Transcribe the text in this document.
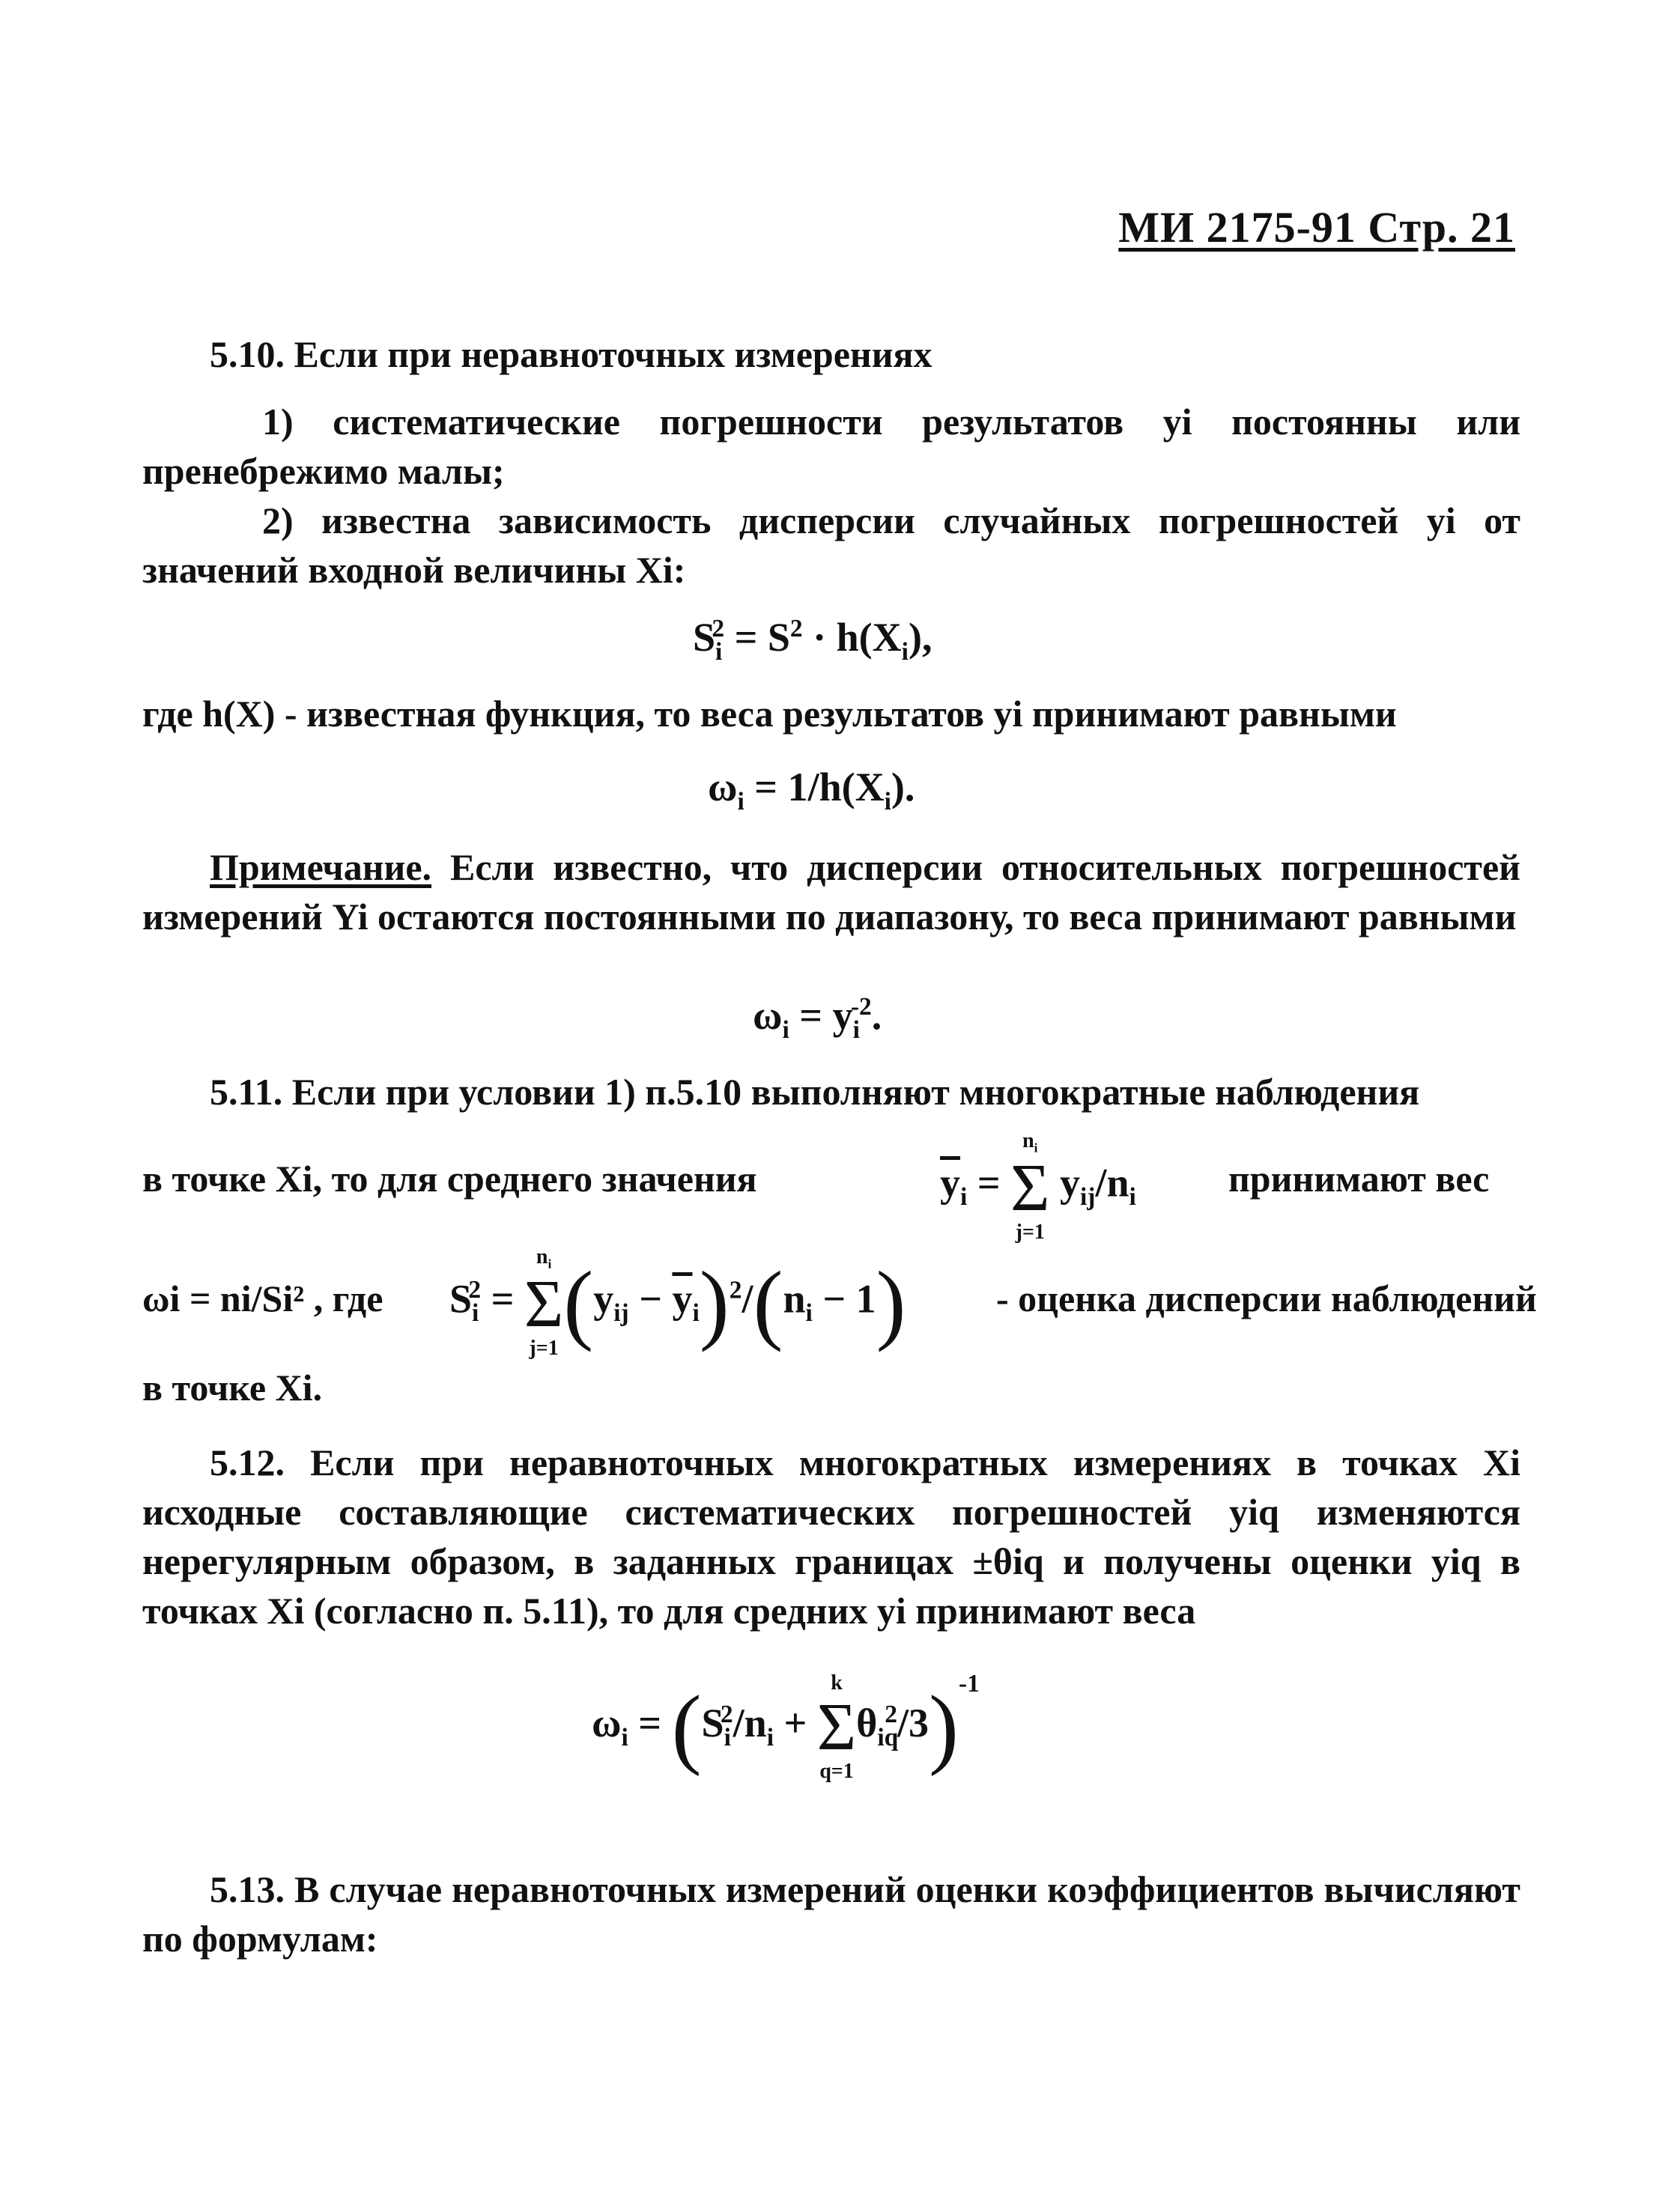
МИ 2175-91 Стр. 21
5.10. Если при неравноточных измерениях
1) систематические погрешности результатов yi постоянны или пренебрежимо малы;
2) известна зависимость дисперсии случайных погрешностей yi от значений входной величины Xi:
$S_i^2 = S^2 \cdot h(X_i)$,
где h(X) - известная функция, то веса результатов yi принимают равными
$\omega_i = 1/h(X_i)$.
Примечание. Если известно, что дисперсии относительных погрешностей измерений Yi остаются постоянными по диапазону, то веса принимают равными
$\omega_i = y_i^{-2}$.
5.11. Если при условии 1) п.5.10 выполняют многократные наблюдения
в точке Xi, то для среднего значения	$\overline{y}_i$ =
$n_i$
Σ
j=1
$y_{ij}/n_i$ принимают вес
ωi = ni/Si² , где $S_i^2$ =
$n_i$
Σ
j=1 $(y_{ij} - \overline{y}_i)^2/(n_i - 1)$ - оценка дисперсии наблюдений
в точке Xi.
5.12. Если при неравноточных многократных измерениях в точках Xi исходные составляющие систематических погрешностей yiq изменяются нерегулярным образом, в заданных границах ±θiq и получены оценки yiq в точках Xi (согласно п. 5.11), то для средних yi принимают веса
$\omega_i = (S_i^2/n_i$ +
k
Σ
q=1
$\theta_{iq}^2/3)^{-1}$
5.13. В случае неравноточных измерений оценки коэффициентов вычисляют по формулам:
